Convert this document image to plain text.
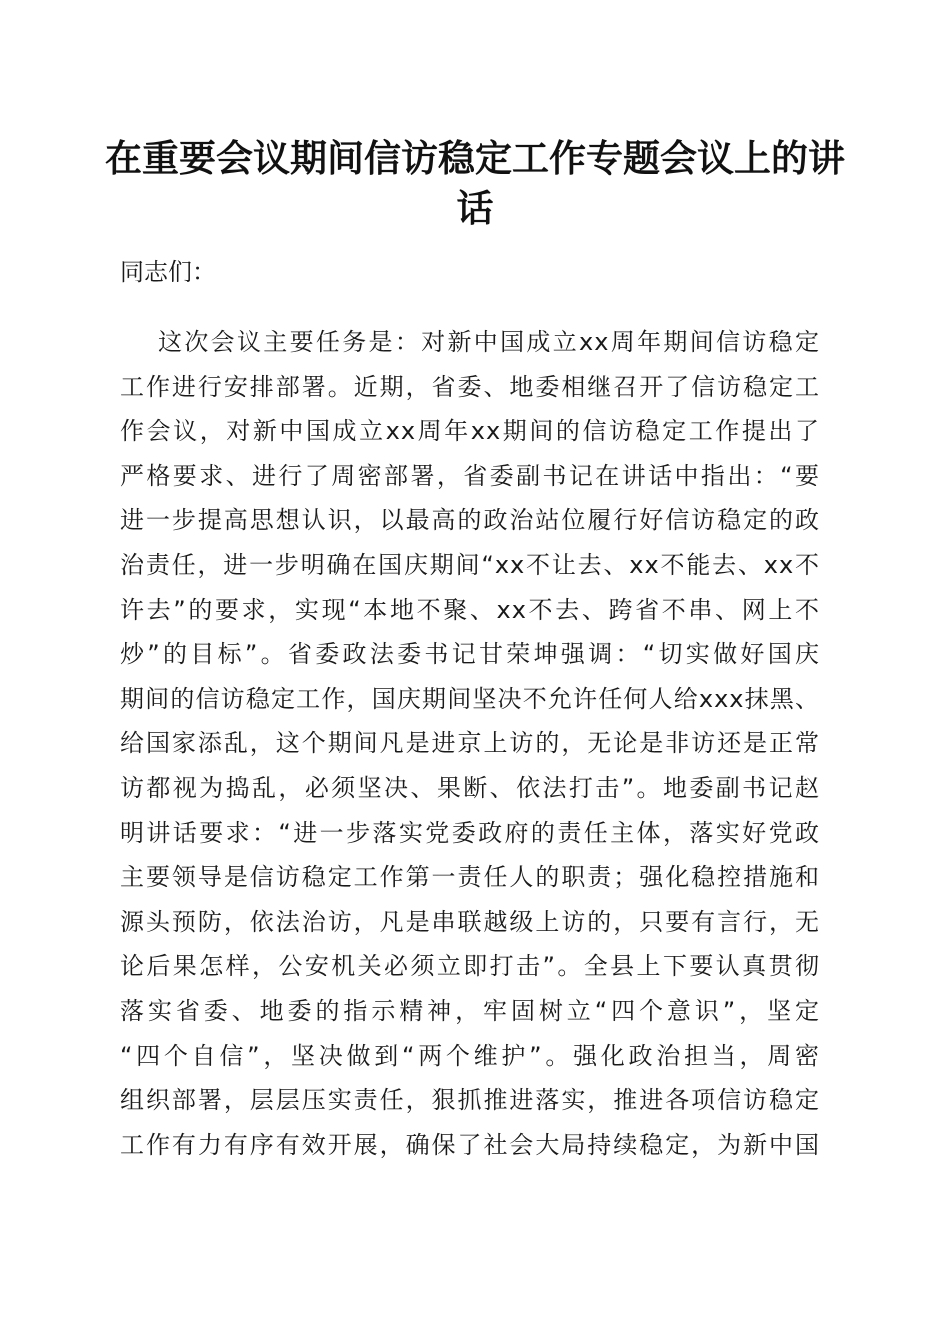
在重要会议期间信访稳定工作专题会议上的讲话

同志们：

这次会议主要任务是：对新中国成立xx周年期间信访稳定
工作进行安排部署。近期，省委、地委相继召开了信访稳定工
作会议，对新中国成立xx周年xx期间的信访稳定工作提出了
严格要求、进行了周密部署，省委副书记在讲话中指出：“要
进一步提高思想认识，以最高的政治站位履行好信访稳定的政
治责任，进一步明确在国庆期间“xx不让去、xx不能去、xx不
许去”的要求，实现“本地不聚、xx不去、跨省不串、网上不
炒”的目标”。省委政法委书记甘荣坤强调：“切实做好国庆
期间的信访稳定工作，国庆期间坚决不允许任何人给xxx抹黑、
给国家添乱，这个期间凡是进京上访的，无论是非访还是正常
访都视为捣乱，必须坚决、果断、依法打击”。地委副书记赵
明讲话要求：“进一步落实党委政府的责任主体，落实好党政
主要领导是信访稳定工作第一责任人的职责；强化稳控措施和
源头预防，依法治访，凡是串联越级上访的，只要有言行，无
论后果怎样，公安机关必须立即打击”。全县上下要认真贯彻
落实省委、地委的指示精神，牢固树立“四个意识”，坚定
“四个自信”，坚决做到“两个维护”。强化政治担当，周密
组织部署，层层压实责任，狠抓推进落实，推进各项信访稳定
工作有力有序有效开展，确保了社会大局持续稳定，为新中国
